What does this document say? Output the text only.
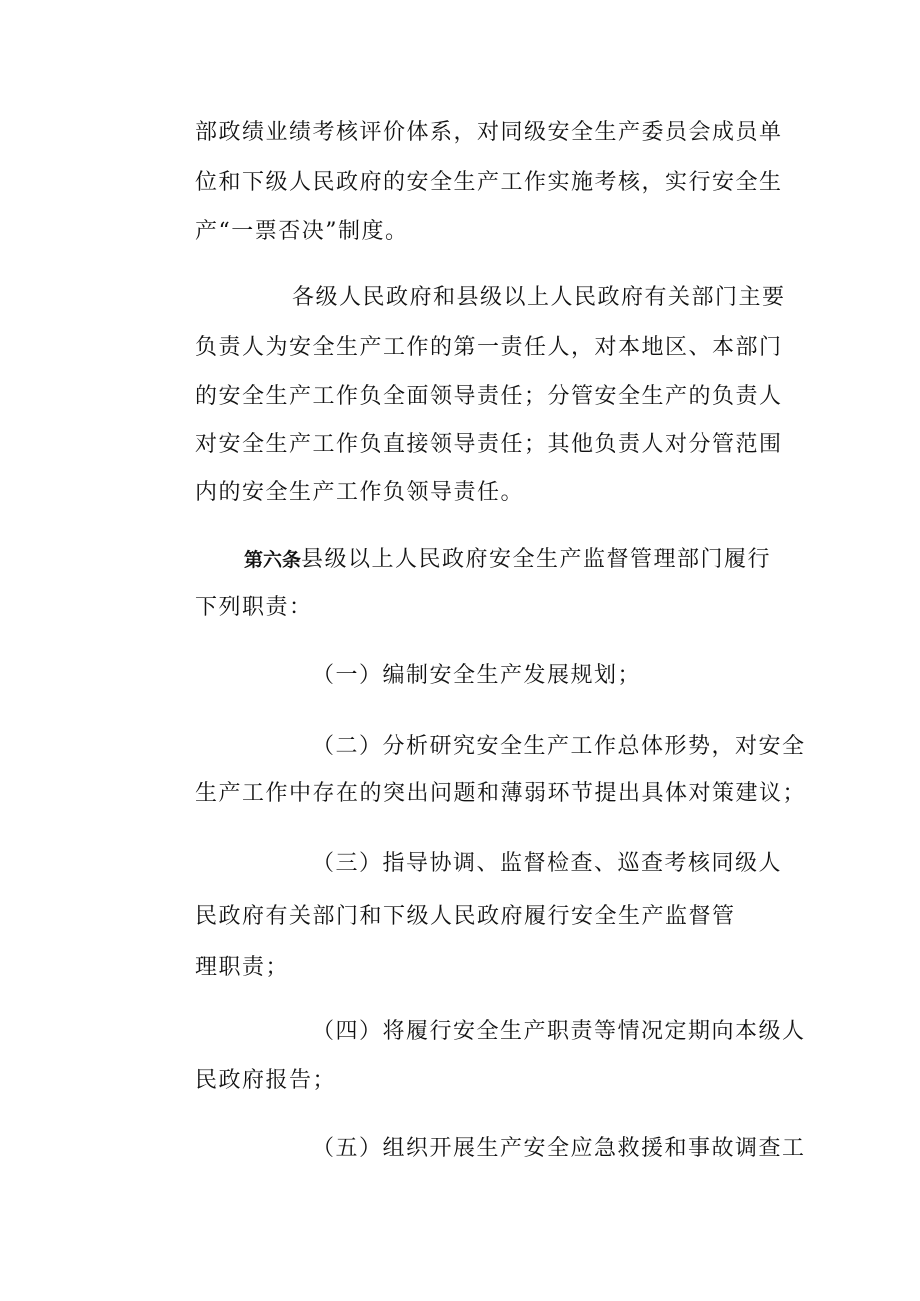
部政绩业绩考核评价体系，对同级安全生产委员会成员单
位和下级人民政府的安全生产工作实施考核，实行安全生
产“一票否决”制度。
各级人民政府和县级以上人民政府有关部门主要
负责人为安全生产工作的第一责任人，对本地区、本部门
的安全生产工作负全面领导责任；分管安全生产的负责人
对安全生产工作负直接领导责任；其他负责人对分管范围
内的安全生产工作负领导责任。
第六条县级以上人民政府安全生产监督管理部门履行
下列职责：
（一）编制安全生产发展规划；
（二）分析研究安全生产工作总体形势，对安全
生产工作中存在的突出问题和薄弱环节提出具体对策建议；
（三）指导协调、监督检查、巡查考核同级人
民政府有关部门和下级人民政府履行安全生产监督管
理职责；
（四）将履行安全生产职责等情况定期向本级人
民政府报告；
（五）组织开展生产安全应急救援和事故调查工
